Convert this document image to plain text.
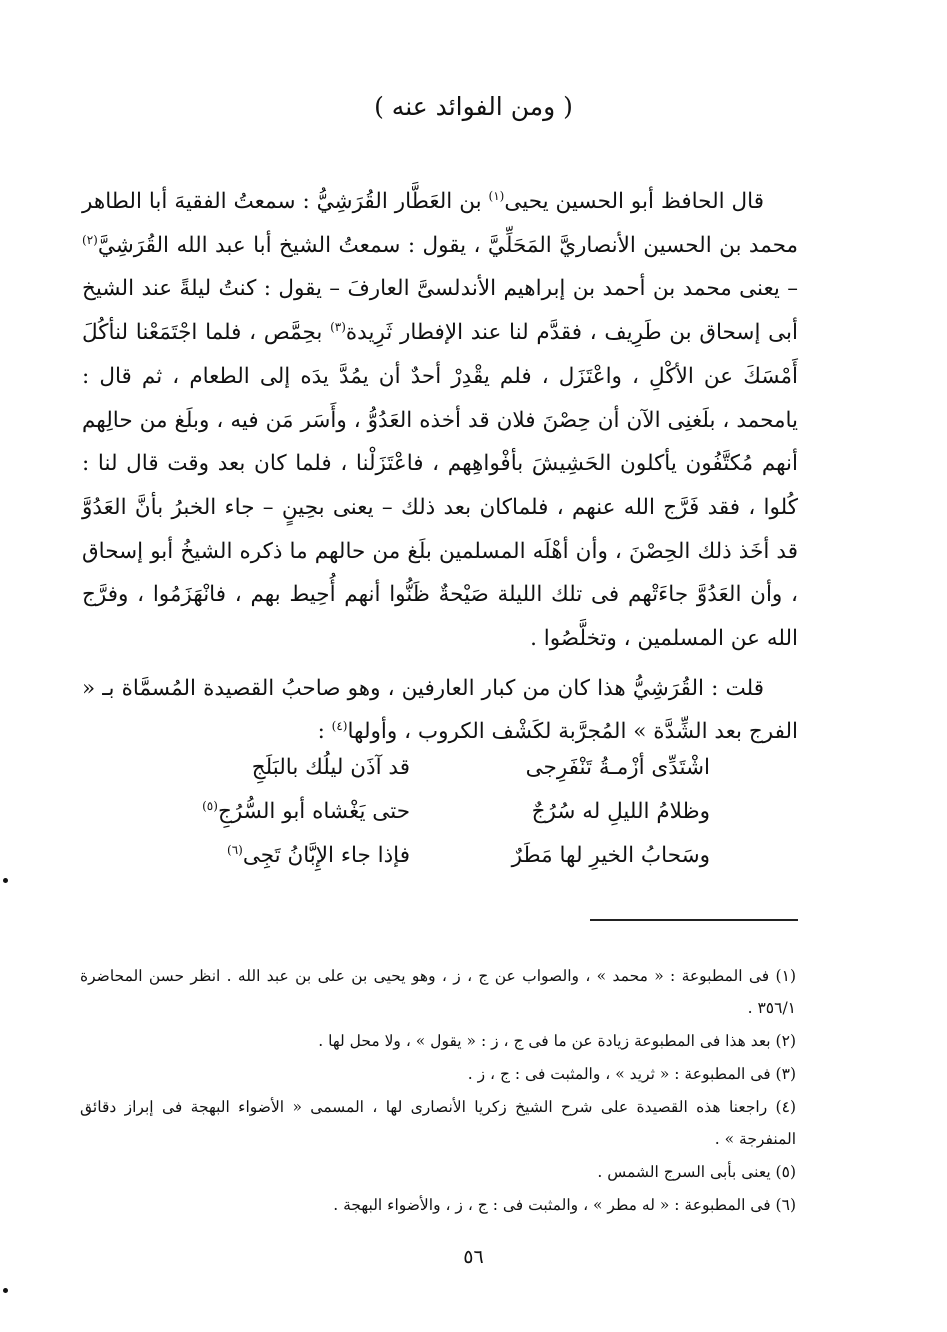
( ومن الفوائد عنه )

قال الحافظ أبو الحسين يحيى$^{(١)}$ بن العَطَّار القُرَشِيُّ : سمعتُ الفقيهَ أبا الطاهر محمد بن الحسين الأنصاريَّ المَحَلِّيَّ ، يقول : سمعتُ الشيخ أبا عبد الله القُرَشِيَّ$^{(٢)}$ – يعنى محمد بن أحمد بن إبراهيم الأندلسىَّ العارفَ – يقول : كنتُ ليلةً عند الشيخ أبى إسحاق بن طَرِيف ، فقدَّم لنا عند الإفطار ثَرِيدة$^{(٣)}$ بحِمَّص ، فلما اجْتَمَعْنا لنأكُلَ أَمْسَكَ عن الأكْلِ ، واعْتَزَل ، فلم يقْدِرْ أحدٌ أن يمُدَّ يدَه إلى الطعام ، ثم قال : يامحمد ، بلَغنِى الآن أن حِصْنَ فلان قد أخذه العَدُوُّ ، وأَسَر مَن فيه ، وبلَغ من حالِهم أنهم مُكتَّفُون يأكلون الحَشِيشَ بأفْواهِهم ، فاعْتَزَلْنا ، فلما كان بعد وقت قال لنا : كُلوا ، فقد فَرَّج الله عنهم ، فلماكان بعد ذلك – يعنى بحِينٍ – جاء الخبرُ بأنَّ العَدُوَّ قد أخَذ ذلك الحِصْنَ ، وأن أهْلَه المسلمين بلَغ من حالهم ما ذكره الشيخُ أبو إسحاق ، وأن العَدُوَّ جاءَتْهم فى تلك الليلة صَيْحةٌ ظَنُّوا أنهم أُحِيط بهم ، فانْهَزَمُوا ، وفرَّج الله عن المسلمين ، وتخلَّصُوا .

قلت : القُرَشِيُّ هذا كان من كبار العارفين ، وهو صاحبُ القصيدة المُسمَّاة بـ « الفرج بعد الشِّدَّة » المُجرَّبة لكَشْف الكروب ، وأولها$^{(٤)}$ :

اشْتَدِّى أزْمـةُ تَنْفَرِجى
قد آذَن ليلُك بالبَلَجِ
وظلامُ الليلِ له سُرُجٌ
حتى يَغْشاه أبو السُّرُجِ$^{(٥)}$
وسَحابُ الخيرِ لها مَطَرٌ
فإذا جاء الإِبَّانُ تَجِى$^{(٦)}$

(١) فى المطبوعة : « محمد » ، والصواب عن ج ، ز ، وهو يحيى بن على بن عبد الله . انظر حسن المحاضرة ٣٥٦/١ .

(٢) بعد هذا فى المطبوعة زيادة عن ما فى ج ، ز : « يقول » ، ولا محل لها .

(٣) فى المطبوعة : « ثريد » ، والمثبت فى : ج ، ز .

(٤) راجعنا هذه القصيدة على شرح الشيخ زكريا الأنصارى لها ، المسمى « الأضواء البهجة فى إبراز دقائق المنفرجة » .

(٥) يعنى بأبى السرج الشمس .

(٦) فى المطبوعة : « له مطر » ، والمثبت فى : ج ، ز ، والأضواء البهجة .

٥٦
